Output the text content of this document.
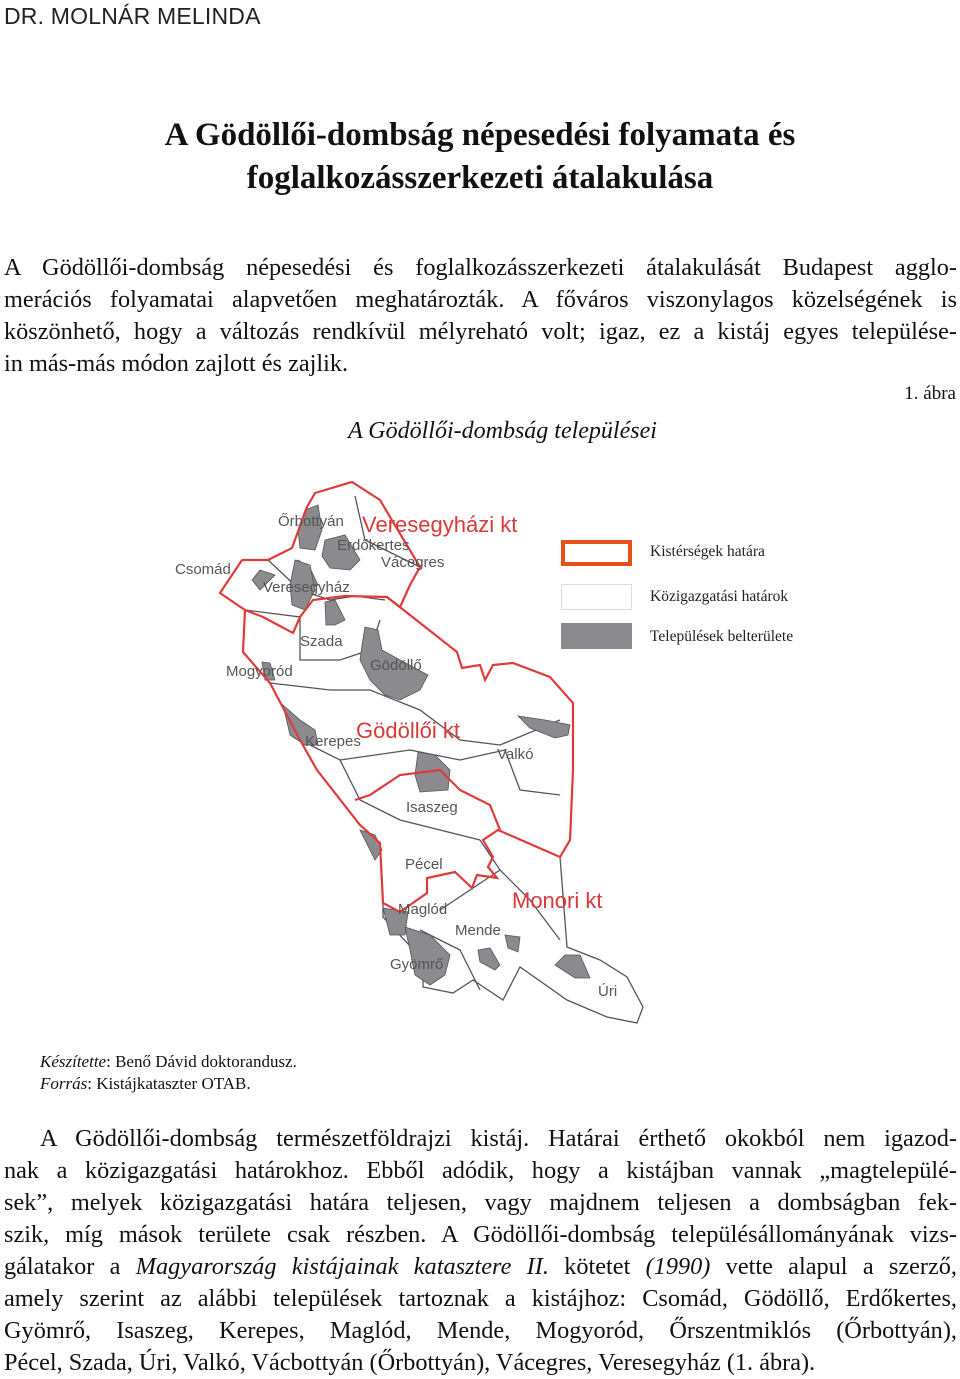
DR. MOLNÁR MELINDA
A Gödöllői-dombság népesedési folyamata és
foglalkozásszerkezeti átalakulása
A Gödöllői-dombság népesedési és foglalkozásszerkezeti átalakulását Budapest agglo-
merációs folyamatai alapvetően meghatározták. A főváros viszonylagos közelségének is
köszönhető, hogy a változás rendkívül mélyreható volt; igaz, ez a kistáj egyes települése-
in más-más módon zajlott és zajlik.
1. ábra
A Gödöllői-dombság települései
Őrbottyán
Erdőkertes
Vácegres
Csomád
Veresegyház
Szada
Gödöllő
Mogyoród
Kerepes
Valkó
Isaszeg
Pécel
Maglód
Mende
Gyömrő
Úri
Veresegyházi kt
Gödöllői kt
Monori kt
Kistérségek határa
Közigazgatási határok
Települések belterülete
Készítette: Benő Dávid doktorandusz.
Forrás: Kistájkataszter OTAB.
A Gödöllői-dombság természetföldrajzi kistáj. Határai érthető okokból nem igazod-
nak a közigazgatási határokhoz. Ebből adódik, hogy a kistájban vannak „magtelepülé-
sek”, melyek közigazgatási határa teljesen, vagy majdnem teljesen a dombságban fek-
szik, míg mások területe csak részben. A Gödöllői-dombság településállományának vizs-
gálatakor a Magyarország kistájainak katasztere II. kötetet (1990) vette alapul a szerző,
amely szerint az alábbi települések tartoznak a kistájhoz: Csomád, Gödöllő, Erdőkertes,
Gyömrő, Isaszeg, Kerepes, Maglód, Mende, Mogyoród, Őrszentmiklós (Őrbottyán),
Pécel, Szada, Úri, Valkó, Vácbottyán (Őrbottyán), Vácegres, Veresegyház (1. ábra).
